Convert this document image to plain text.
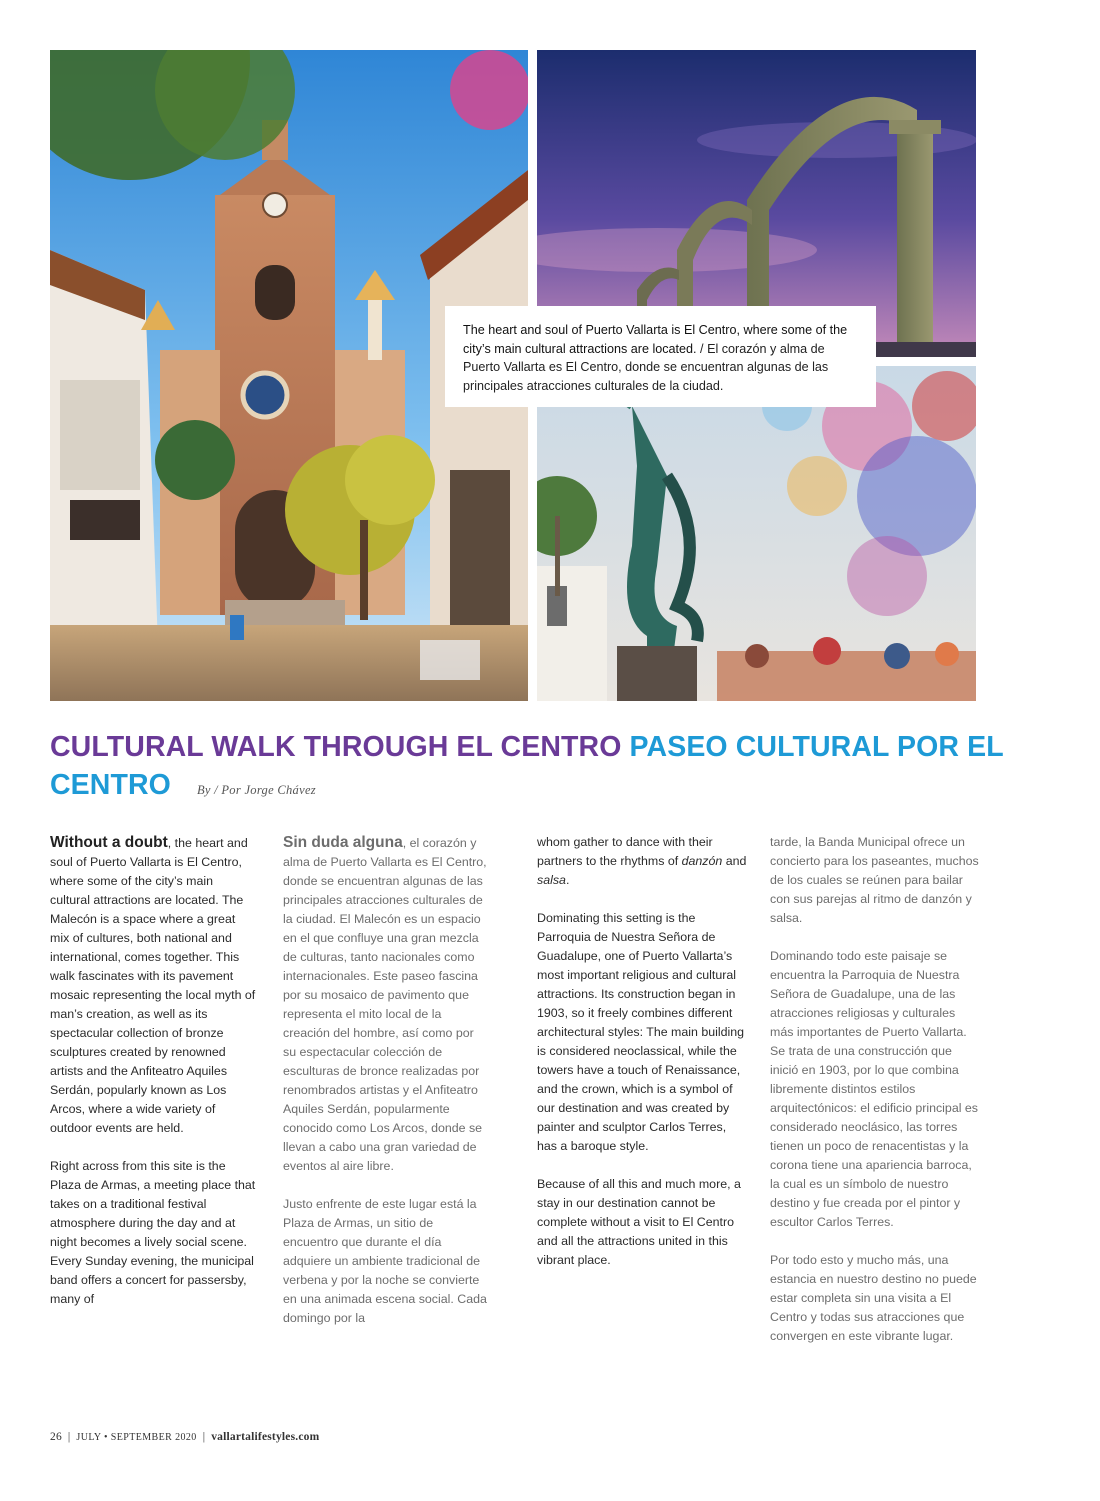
The heart and soul of Puerto Vallarta is El Centro, where some of the city’s main cultural attractions are located. / El corazón y alma de Puerto Vallarta es El Centro, donde se encuentran algunas de las principales atracciones culturales de la ciudad.
CULTURAL WALK THROUGH EL CENTRO PASEO CULTURAL POR EL CENTRO By / Por Jorge Chávez

Without a doubt, the heart and soul of Puerto Vallarta is El Centro, where some of the city’s main cultural attractions are located. The Malecón is a space where a great mix of cultures, both national and international, comes together. This walk fascinates with its pavement mosaic representing the local myth of man’s creation, as well as its spectacular collection of bronze sculptures created by renowned artists and the Anfiteatro Aquiles Serdán, popularly known as Los Arcos, where a wide variety of outdoor events are held.

Right across from this site is the Plaza de Armas, a meeting place that takes on a traditional festival atmosphere during the day and at night becomes a lively social scene. Every Sunday evening, the municipal band offers a concert for passersby, many of

Sin duda alguna, el corazón y alma de Puerto Vallarta es El Centro, donde se encuentran algunas de las principales atracciones culturales de la ciudad. El Malecón es un espacio en el que confluye una gran mezcla de culturas, tanto nacionales como internacionales. Este paseo fascina por su mosaico de pavimento que representa el mito local de la creación del hombre, así como por su espectacular colección de esculturas de bronce realizadas por renombrados artistas y el Anfiteatro Aquiles Serdán, popularmente conocido como Los Arcos, donde se llevan a cabo una gran variedad de eventos al aire libre.

Justo enfrente de este lugar está la Plaza de Armas, un sitio de encuentro que durante el día adquiere un ambiente tradicional de verbena y por la noche se convierte en una animada escena social. Cada domingo por la

whom gather to dance with their partners to the rhythms of danzón and salsa.

Dominating this setting is the Parroquia de Nuestra Señora de Guadalupe, one of Puerto Vallarta’s most important religious and cultural attractions. Its construction began in 1903, so it freely combines different architectural styles: The main building is considered neoclassical, while the towers have a touch of Renaissance, and the crown, which is a symbol of our destination and was created by painter and sculptor Carlos Terres, has a baroque style.

Because of all this and much more, a stay in our destination cannot be complete without a visit to El Centro and all the attractions united in this vibrant place.

tarde, la Banda Municipal ofrece un concierto para los paseantes, muchos de los cuales se reúnen para bailar con sus parejas al ritmo de danzón y salsa.

Dominando todo este paisaje se encuentra la Parroquia de Nuestra Señora de Guadalupe, una de las atracciones religiosas y culturales más importantes de Puerto Vallarta. Se trata de una construcción que inició en 1903, por lo que combina libremente distintos estilos arquitectónicos: el edificio principal es considerado neoclásico, las torres tienen un poco de renacentistas y la corona tiene una apariencia barroca, la cual es un símbolo de nuestro destino y fue creada por el pintor y escultor Carlos Terres.

Por todo esto y mucho más, una estancia en nuestro destino no puede estar completa sin una visita a El Centro y todas sus atracciones que convergen en este vibrante lugar.

26 | JULY • SEPTEMBER 2020 | vallartalifestyles.com
